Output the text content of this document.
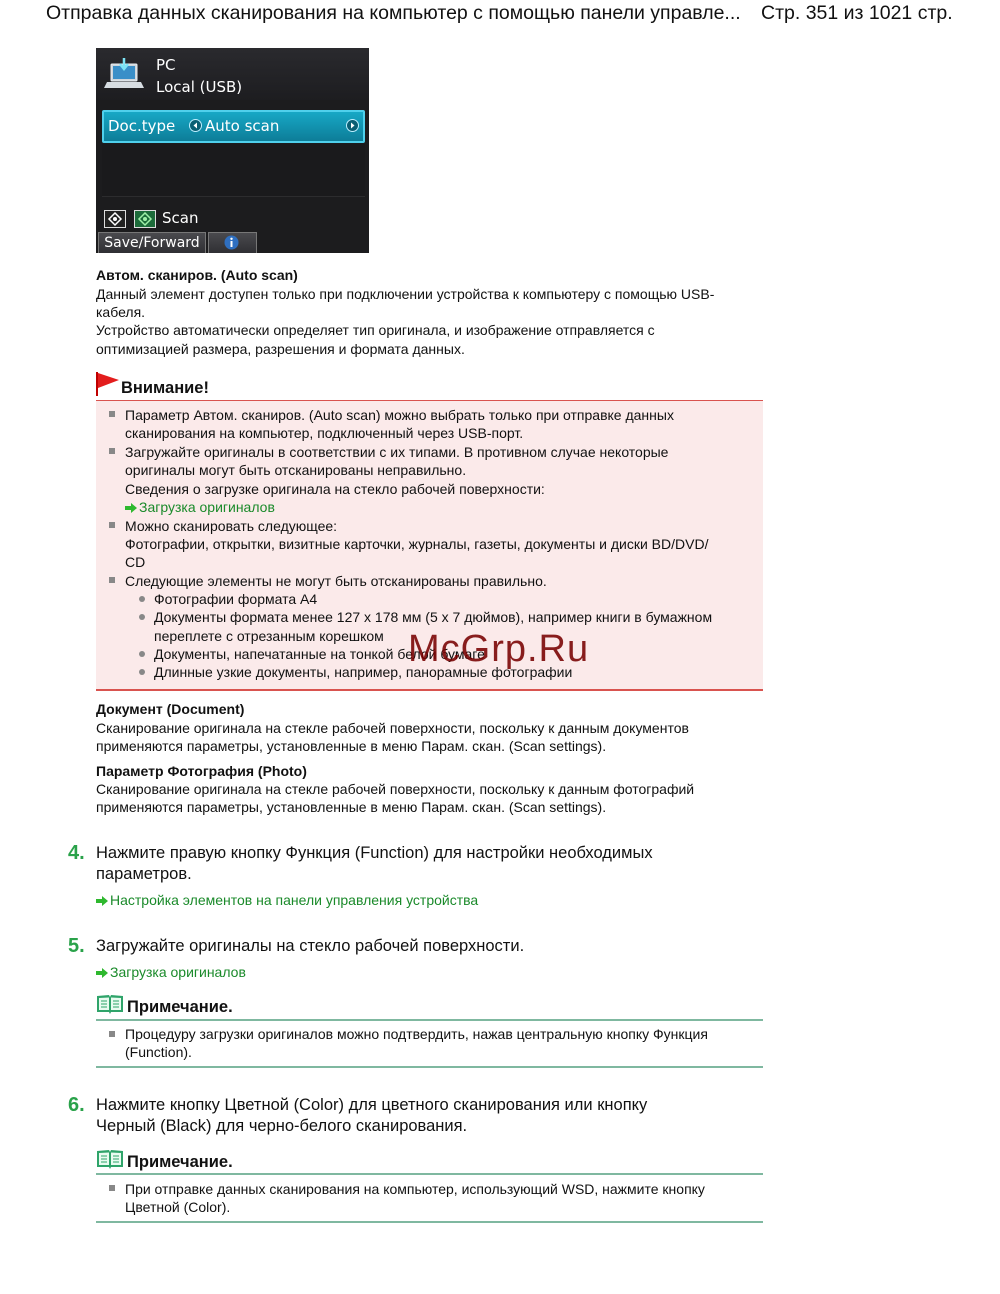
Отправка данных сканирования на компьютер с помощью панели управле... Стр. 351 из 1021 стр.
PC
Local (USB)
Doc.type Auto scan
Scan
Save/Forward
Автом. сканиров. (Auto scan)
Данный элемент доступен только при подключении устройства к компьютеру с помощью USB-
кабеля.
Устройство автоматически определяет тип оригинала, и изображение отправляется с
оптимизацией размера, разрешения и формата данных.
Внимание!
Параметр Автом. сканиров. (Auto scan) можно выбрать только при отправке данных
сканирования на компьютер, подключенный через USB-порт.
Загружайте оригиналы в соответствии с их типами. В противном случае некоторые
оригиналы могут быть отсканированы неправильно.
Сведения о загрузке оригинала на стекло рабочей поверхности:
Загрузка оригиналов
Можно сканировать следующее:
Фотографии, открытки, визитные карточки, журналы, газеты, документы и диски BD/DVD/
CD
Следующие элементы не могут быть отсканированы правильно.
Фотографии формата A4
Документы формата менее 127 x 178 мм (5 x 7 дюймов), например книги в бумажном
переплете с отрезанным корешком
Документы, напечатанные на тонкой белой бумаге
Длинные узкие документы, например, панорамные фотографии
Документ (Document)
Сканирование оригинала на стекле рабочей поверхности, поскольку к данным документов
применяются параметры, установленные в меню Парам. скан. (Scan settings).
Параметр Фотография (Photo)
Сканирование оригинала на стекле рабочей поверхности, поскольку к данным фотографий
применяются параметры, установленные в меню Парам. скан. (Scan settings).
4. Нажмите правую кнопку Функция (Function) для настройки необходимых
параметров.
Настройка элементов на панели управления устройства
5. Загружайте оригиналы на стекло рабочей поверхности.
Загрузка оригиналов
Примечание.
Процедуру загрузки оригиналов можно подтвердить, нажав центральную кнопку Функция
(Function).
6. Нажмите кнопку Цветной (Color) для цветного сканирования или кнопку
Черный (Black) для черно-белого сканирования.
Примечание.
При отправке данных сканирования на компьютер, использующий WSD, нажмите кнопку
Цветной (Color).
McGrp.Ru
